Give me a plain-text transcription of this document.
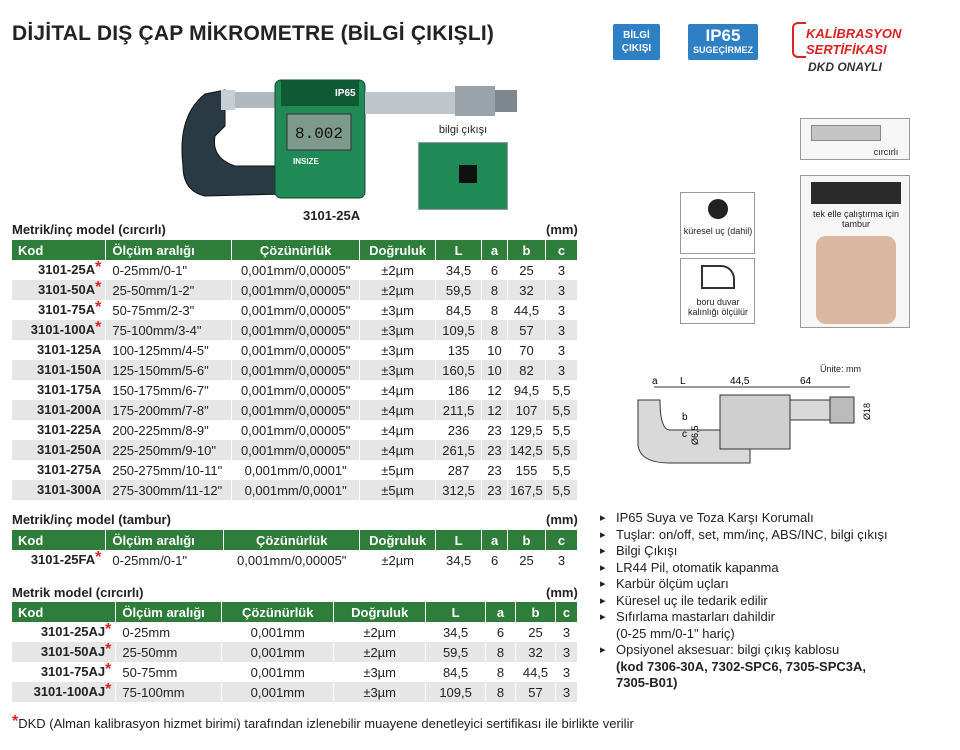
DİJİTAL DIŞ ÇAP MİKROMETRE (BİLGİ ÇIKIŞLI)	BİLGİ
ÇIKIŞI
IP65
SUGEÇİRMEZ
KALİBRASYON
SERTİFİKASI
DKD ONAYLI
IP65
8.002
INSIZE
3101-25A
bilgi çıkışı
cırcırlı
tek elle çalıştırma için tambur
küresel uç (dahil)
boru duvar kalınlığı ölçülür
Ünite: mm
a L	44,5	64
b
c Ø6,5
Ø18
Metrik/inç model (cırcırlı)	(mm)
Kod	Ölçüm aralığı	Çözünürlük	Doğruluk	L	a	b	c
3101-25A*	0-25mm/0-1"	0,001mm/0,00005"	±2µm	34,5	6	25	3
3101-50A*	25-50mm/1-2"	0,001mm/0,00005"	±2µm	59,5	8	32	3
3101-75A*	50-75mm/2-3"	0,001mm/0,00005"	±3µm	84,5	8	44,5	3
3101-100A*	75-100mm/3-4"	0,001mm/0,00005"	±3µm	109,5	8	57	3
3101-125A	100-125mm/4-5"	0,001mm/0,00005"	±3µm	135	10	70	3
3101-150A	125-150mm/5-6"	0,001mm/0,00005"	±3µm	160,5	10	82	3
3101-175A	150-175mm/6-7"	0,001mm/0,00005"	±4µm	186	12	94,5	5,5
3101-200A	175-200mm/7-8"	0,001mm/0,00005"	±4µm	211,5	12	107	5,5
3101-225A	200-225mm/8-9"	0,001mm/0,00005"	±4µm	236	23	129,5	5,5
3101-250A	225-250mm/9-10"	0,001mm/0,00005"	±4µm	261,5	23	142,5	5,5
3101-275A	250-275mm/10-11"	0,001mm/0,0001"	±5µm	287	23	155	5,5
3101-300A	275-300mm/11-12"	0,001mm/0,0001"	±5µm	312,5	23	167,5	5,5
Metrik/inç model (tambur)	(mm)
Kod	Ölçüm aralığı	Çözünürlük	Doğruluk	L	a	b	c
3101-25FA*	0-25mm/0-1"	0,001mm/0,00005"	±2µm	34,5	6	25	3
Metrik model (cırcırlı)	(mm)
Kod	Ölçüm aralığı	Çözünürlük	Doğruluk	L	a	b	c
3101-25AJ*	0-25mm	0,001mm	±2µm	34,5	6	25	3
3101-50AJ*	25-50mm	0,001mm	±2µm	59,5	8	32	3
3101-75AJ*	50-75mm	0,001mm	±3µm	84,5	8	44,5	3
3101-100AJ*	75-100mm	0,001mm	±3µm	109,5	8	57	3
▸ IP65 Suya ve Toza Karşı Korumalı
▸ Tuşlar: on/off, set, mm/inç, ABS/INC, bilgi çıkışı
▸ Bilgi Çıkışı
▸ LR44 Pil, otomatik kapanma
▸ Karbür ölçüm uçları
▸ Küresel uç ile tedarik edilir
▸ Sıfırlama mastarları dahildir
(0-25 mm/0-1" hariç)
▸ Opsiyonel aksesuar: bilgi çıkış kablosu
(kod 7306-30A, 7302-SPC6, 7305-SPC3A,
7305-B01)
*DKD (Alman kalibrasyon hizmet birimi) tarafından izlenebilir muayene denetleyici sertifikası ile birlikte verilir
